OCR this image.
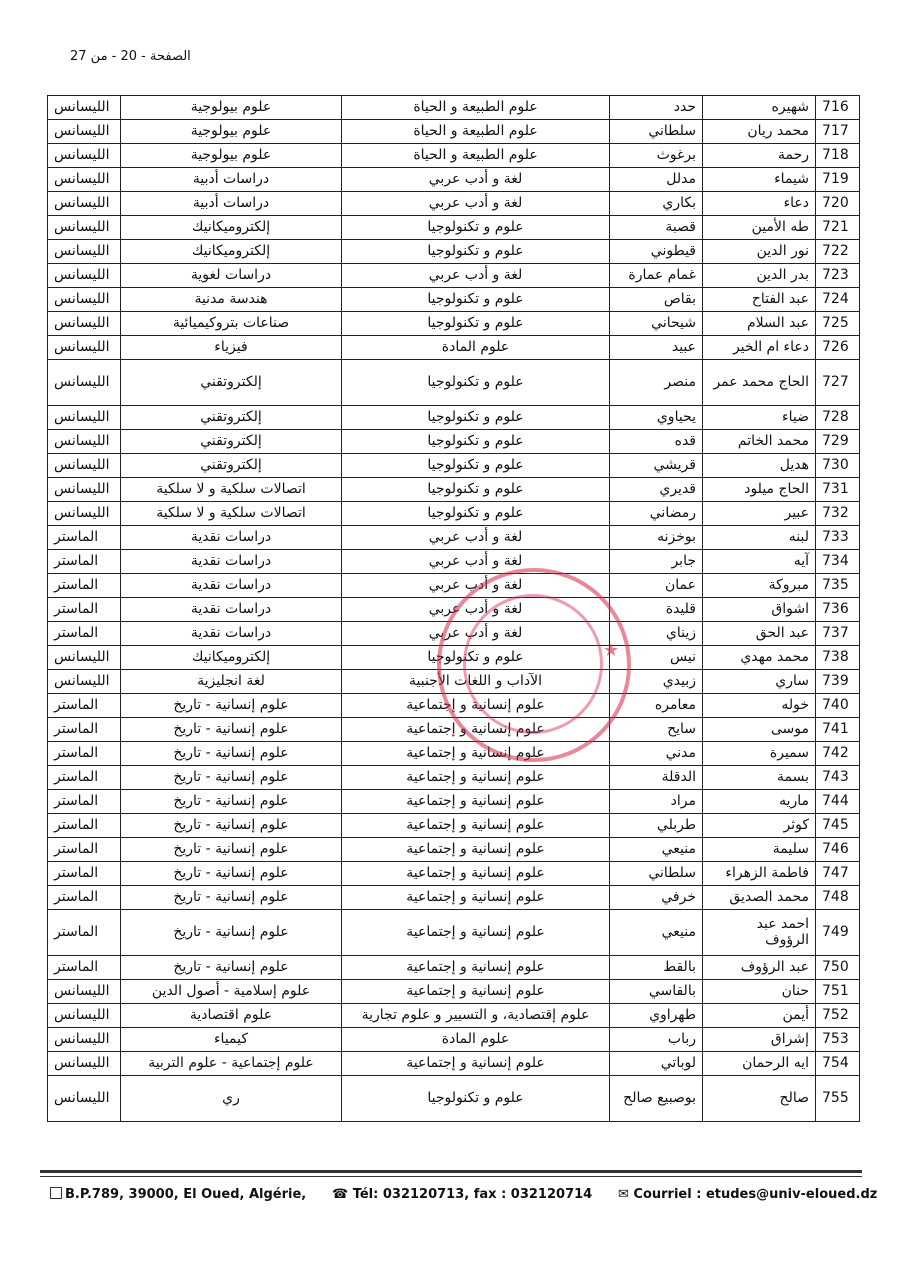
الصفحة - 20 - من 27
716	شهيره	حدد	علوم الطبيعة و الحياة	علوم بيولوجية	الليسانس
717	محمد ريان	سلطاني	علوم الطبيعة و الحياة	علوم بيولوجية	الليسانس
718	رحمة	برغوث	علوم الطبيعة و الحياة	علوم بيولوجية	الليسانس
719	شيماء	مدلل	لغة و أدب عربي	دراسات أدبية	الليسانس
720	دعاء	بكاري	لغة و أدب عربي	دراسات أدبية	الليسانس
721	طه الأمين	قصبة	علوم و تكنولوجيا	إلكتروميكانيك	الليسانس
722	نور الدين	قيطوني	علوم و تكنولوجيا	إلكتروميكانيك	الليسانس
723	بدر الدين	غمام عمارة	لغة و أدب عربي	دراسات لغوية	الليسانس
724	عبد الفتاح	بقاص	علوم و تكنولوجيا	هندسة مدنية	الليسانس
725	عبد السلام	شيحاني	علوم و تكنولوجيا	صناعات بتروكيميائية	الليسانس
726	دعاء ام الخير	عبيد	علوم المادة	فيزياء	الليسانس
727	الحاج محمد عمر	منصر	علوم و تكنولوجيا	إلكتروتقني	الليسانس
728	ضياء	يحياوي	علوم و تكنولوجيا	إلكتروتقني	الليسانس
729	محمد الخاتم	قده	علوم و تكنولوجيا	إلكتروتقني	الليسانس
730	هديل	قريشي	علوم و تكنولوجيا	إلكتروتقني	الليسانس
731	الحاج ميلود	قديري	علوم و تكنولوجيا	اتصالات سلكية و لا سلكية	الليسانس
732	عبير	رمضاني	علوم و تكنولوجيا	اتصالات سلكية و لا سلكية	الليسانس
733	لبنه	بوخزنه	لغة و أدب عربي	دراسات نقدية	الماستر
734	آيه	جابر	لغة و أدب عربي	دراسات نقدية	الماستر
735	مبروكة	عمان	لغة و أدب عربي	دراسات نقدية	الماستر
736	اشواق	قليدة	لغة و أدب عربي	دراسات نقدية	الماستر
737	عبد الحق	زيناي	لغة و أدب عربي	دراسات نقدية	الماستر
738	محمد مهدي	نيس	علوم و تكنولوجيا	إلكتروميكانيك	الليسانس
739	ساري	زبيدي	الآداب و اللغات الأجنبية	لغة انجليزية	الليسانس
740	خوله	معامره	علوم إنسانية و إجتماعية	علوم إنسانية - تاريخ	الماستر
741	موسى	سايح	علوم إنسانية و إجتماعية	علوم إنسانية - تاريخ	الماستر
742	سميرة	مدني	علوم إنسانية و إجتماعية	علوم إنسانية - تاريخ	الماستر
743	بسمة	الدقلة	علوم إنسانية و إجتماعية	علوم إنسانية - تاريخ	الماستر
744	ماريه	مراد	علوم إنسانية و إجتماعية	علوم إنسانية - تاريخ	الماستر
745	كوثر	طربلي	علوم إنسانية و إجتماعية	علوم إنسانية - تاريخ	الماستر
746	سليمة	منيعي	علوم إنسانية و إجتماعية	علوم إنسانية - تاريخ	الماستر
747	فاطمة الزهراء	سلطاني	علوم إنسانية و إجتماعية	علوم إنسانية - تاريخ	الماستر
748	محمد الصديق	خرفي	علوم إنسانية و إجتماعية	علوم إنسانية - تاريخ	الماستر
749	احمد عبد الرؤوف	منيعي	علوم إنسانية و إجتماعية	علوم إنسانية - تاريخ	الماستر
750	عبد الرؤوف	بالقط	علوم إنسانية و إجتماعية	علوم إنسانية - تاريخ	الماستر
751	حنان	بالقاسي	علوم إنسانية و إجتماعية	علوم إسلامية - أصول الدين	الليسانس
752	أيمن	طهراوي	علوم إقتصادية، و التسيير و علوم تجارية	علوم اقتصادية	الليسانس
753	إشراق	رباب	علوم المادة	كيمياء	الليسانس
754	ايه الرحمان	لوباتي	علوم إنسانية و إجتماعية	علوم إجتماعية - علوم التربية	الليسانس
755	صالح	بوصبيع صالح	علوم و تكنولوجيا	ري	الليسانس
★
B.P.789, 39000, El Oued, Algérie, ☎ Tél: 032120713, fax : 032120714 ✉ Courriel : etudes@univ-eloued.dz
